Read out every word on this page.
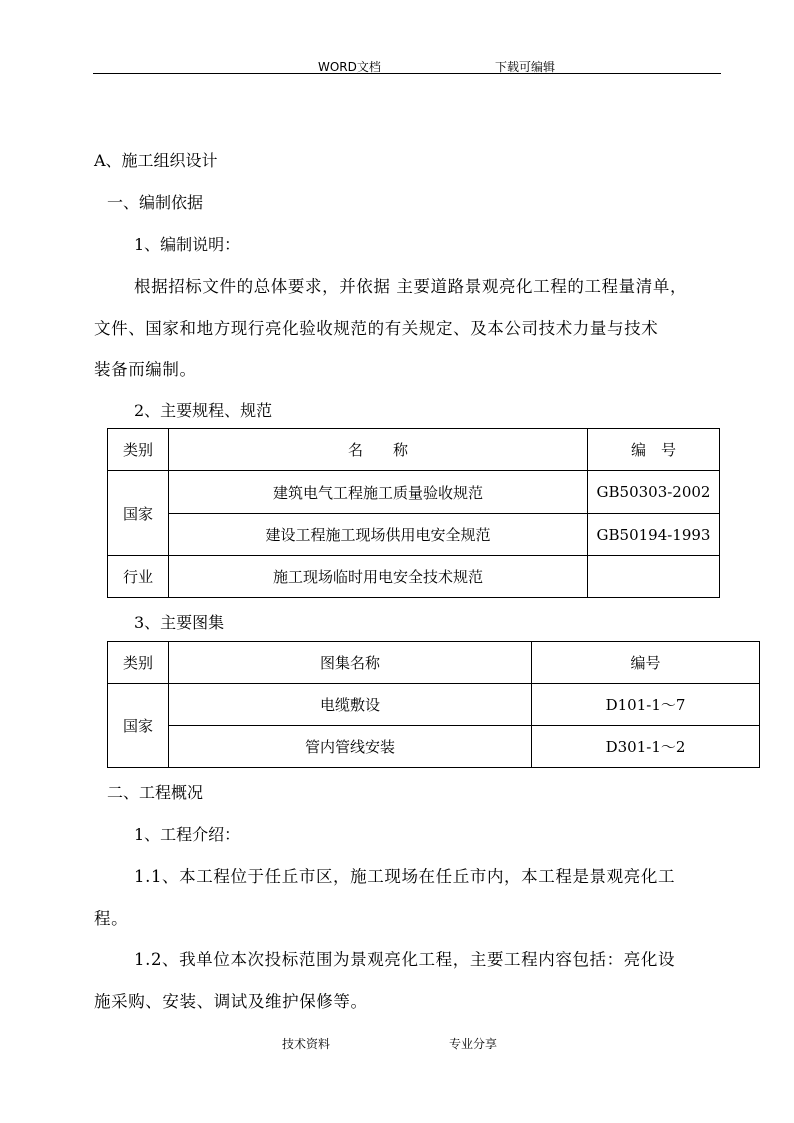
WORD文档	下载可编辑
A、施工组织设计
一、编制依据
1、编制说明：
根据招标文件的总体要求，并依据 主要道路景观亮化工程的工程量清单，
文件、国家和地方现行亮化验收规范的有关规定、及本公司技术力量与技术
装备而编制。
2、主要规程、规范
类别	名　　称	编　号
国家	建筑电气工程施工质量验收规范	GB50303-2002
	建设工程施工现场供用电安全规范	GB50194-1993
行业	施工现场临时用电安全技术规范	
3、主要图集
类别	图集名称	编号
国家	电缆敷设	D101-1～7
	管内管线安装	D301-1～2
二、工程概况
1、工程介绍：
1.1、本工程位于任丘市区，施工现场在任丘市内，本工程是景观亮化工
程。
1.2、我单位本次投标范围为景观亮化工程，主要工程内容包括：亮化设
施采购、安装、调试及维护保修等。
技术资料	专业分享
